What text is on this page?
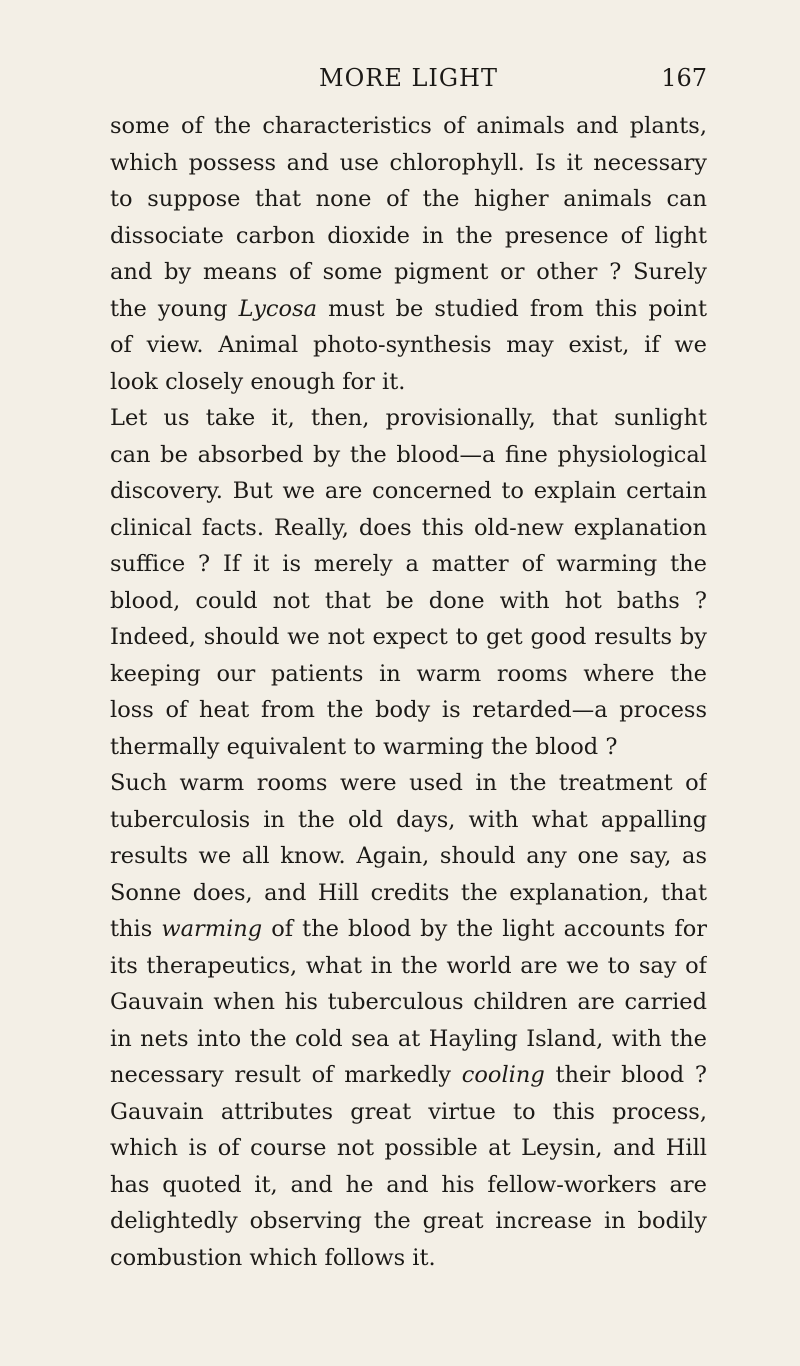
MORE LIGHT	167
some of the characteristics of animals and plants,
which possess and use chlorophyll. Is it necessary
to suppose that none of the higher animals can
dissociate carbon dioxide in the presence of light
and by means of some pigment or other ? Surely
the young Lycosa must be studied from this point
of view. Animal photo-synthesis may exist, if we
look closely enough for it.
Let us take it, then, provisionally, that sunlight
can be absorbed by the blood—a fine physiological
discovery. But we are concerned to explain certain
clinical facts. Really, does this old-new explanation
suffice ? If it is merely a matter of warming the
blood, could not that be done with hot baths ?
Indeed, should we not expect to get good results by
keeping our patients in warm rooms where the
loss of heat from the body is retarded—a process
thermally equivalent to warming the blood ?
Such warm rooms were used in the treatment of
tuberculosis in the old days, with what appalling
results we all know. Again, should any one say, as
Sonne does, and Hill credits the explanation, that
this warming of the blood by the light accounts for
its therapeutics, what in the world are we to say of
Gauvain when his tuberculous children are carried
in nets into the cold sea at Hayling Island, with the
necessary result of markedly cooling their blood ?
Gauvain attributes great virtue to this process,
which is of course not possible at Leysin, and Hill
has quoted it, and he and his fellow-workers are
delightedly observing the great increase in bodily
combustion which follows it.
